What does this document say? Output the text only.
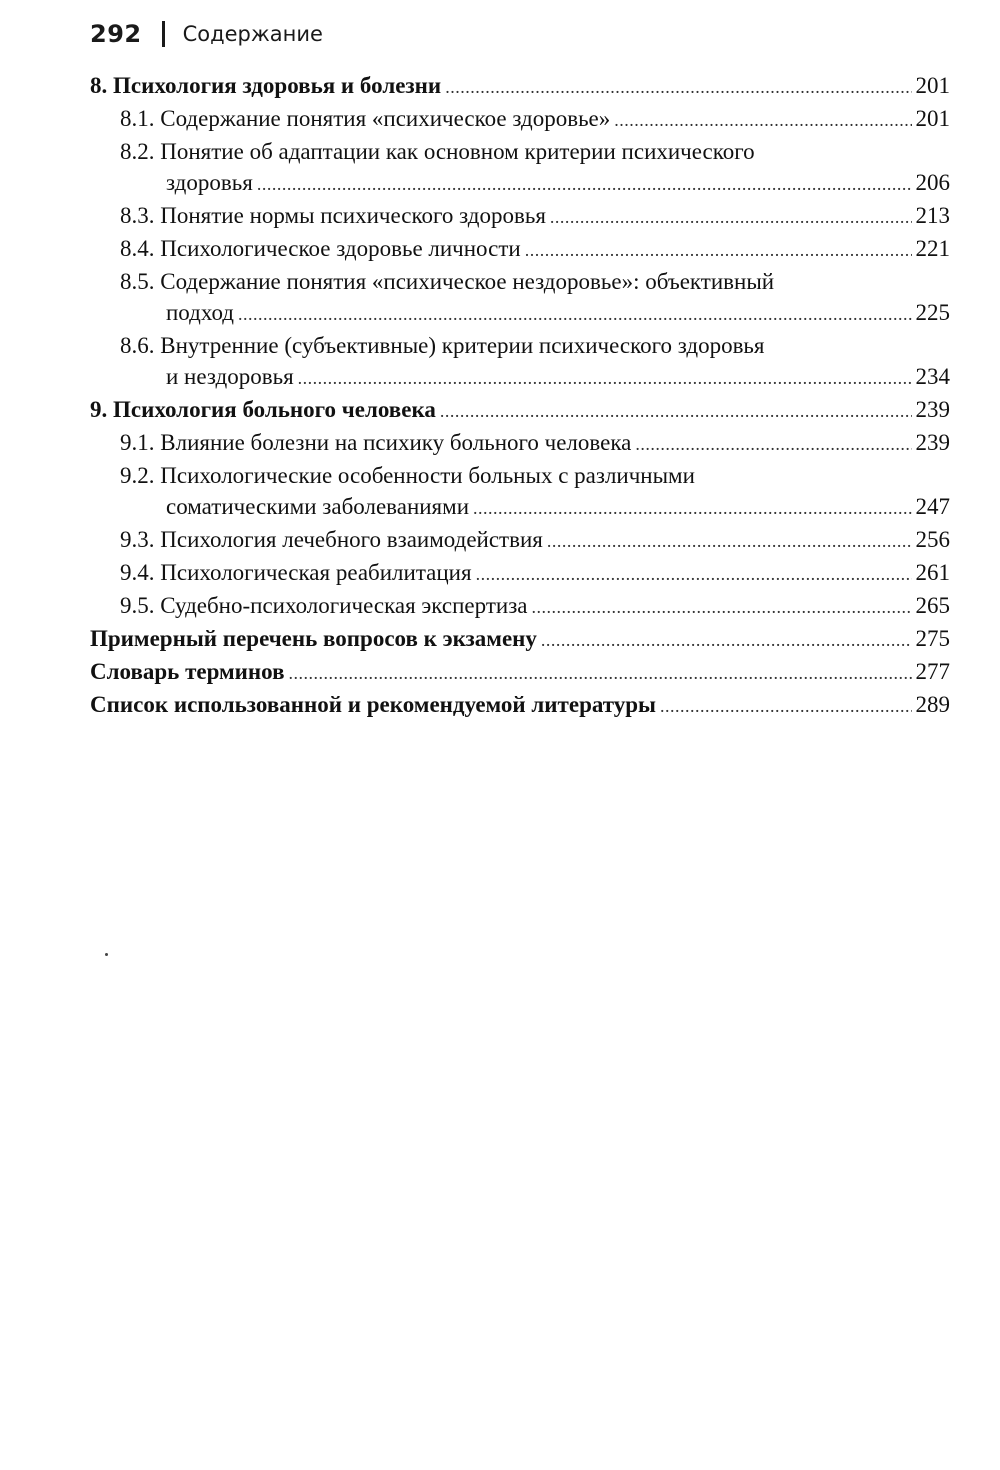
292 Содержание
8. Психология здоровья и болезни . . .	201
8.1. Содержание понятия «психическое здоровье» . . .	201
8.2. Понятие об адаптации как основном критерии психического
здоровья . . .	206
8.3. Понятие нормы психического здоровья . . .	213
8.4. Психологическое здоровье личности . . .	221
8.5. Содержание понятия «психическое нездоровье»: объективный
подход . . .	225
8.6. Внутренние (субъективные) критерии психического здоровья
и нездоровья . . .	234
9. Психология больного человека . . .	239
9.1. Влияние болезни на психику больного человека . . .	239
9.2. Психологические особенности больных с различными
соматическими заболеваниями . . .	247
9.3. Психология лечебного взаимодействия . . .	256
9.4. Психологическая реабилитация . . .	261
9.5. Судебно-психологическая экспертиза . . .	265
Примерный перечень вопросов к экзамену . . .	275
Словарь терминов . . .	277
Список использованной и рекомендуемой литературы . . .	289
